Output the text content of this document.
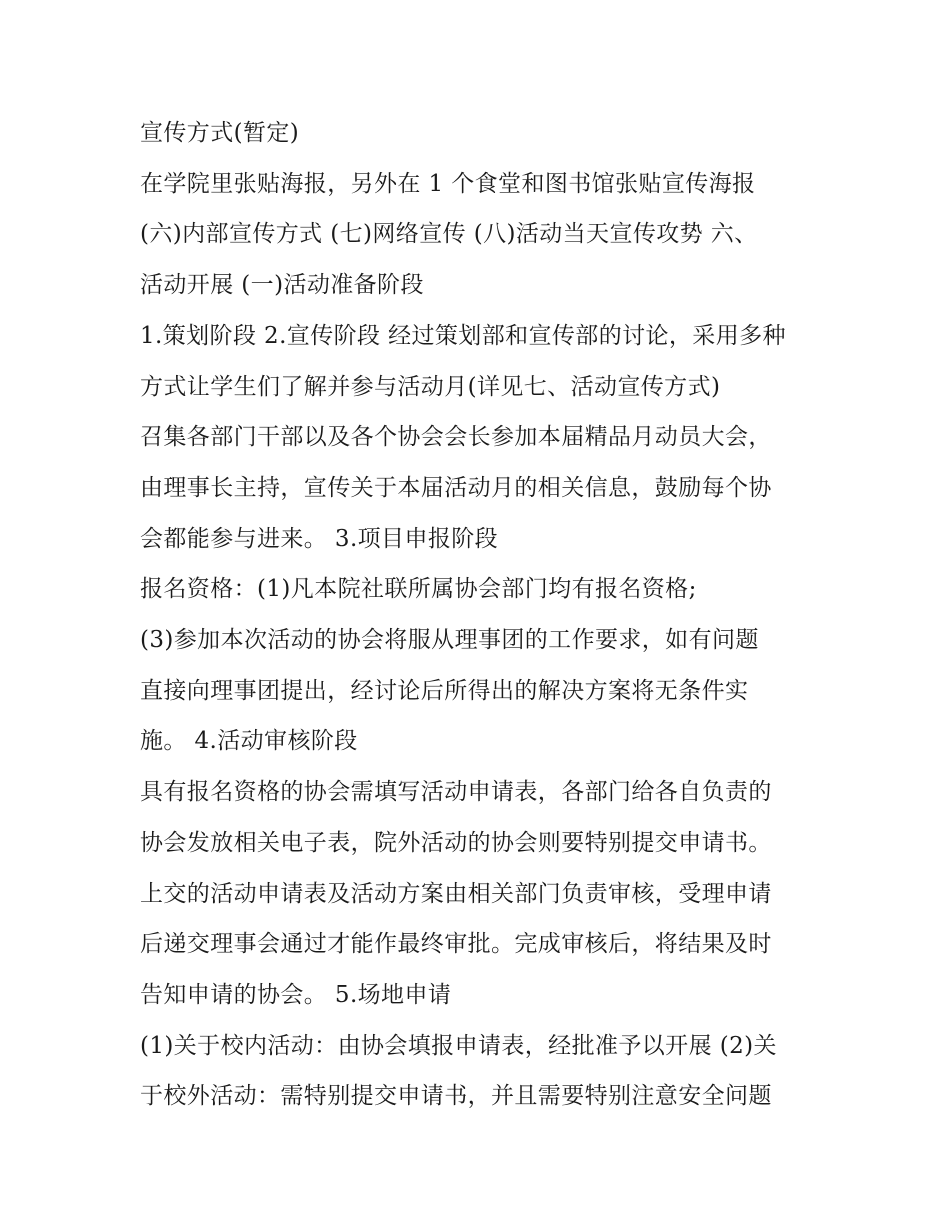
宣传方式(暂定)

在学院里张贴海报，另外在 1 个食堂和图书馆张贴宣传海报

(六)内部宣传方式 (七)网络宣传 (八)活动当天宣传攻势 六、

活动开展 (一)活动准备阶段

1.策划阶段 2.宣传阶段 经过策划部和宣传部的讨论，采用多种

方式让学生们了解并参与活动月(详见七、活动宣传方式)

召集各部门干部以及各个协会会长参加本届精品月动员大会，

由理事长主持，宣传关于本届活动月的相关信息，鼓励每个协

会都能参与进来。 3.项目申报阶段

报名资格：(1)凡本院社联所属协会部门均有报名资格;

(3)参加本次活动的协会将服从理事团的工作要求，如有问题

直接向理事团提出，经讨论后所得出的解决方案将无条件实

施。 4.活动审核阶段

具有报名资格的协会需填写活动申请表，各部门给各自负责的

协会发放相关电子表，院外活动的协会则要特别提交申请书。

上交的活动申请表及活动方案由相关部门负责审核，受理申请

后递交理事会通过才能作最终审批。完成审核后，将结果及时

告知申请的协会。 5.场地申请

(1)关于校内活动：由协会填报申请表，经批准予以开展 (2)关

于校外活动：需特别提交申请书，并且需要特别注意安全问题
